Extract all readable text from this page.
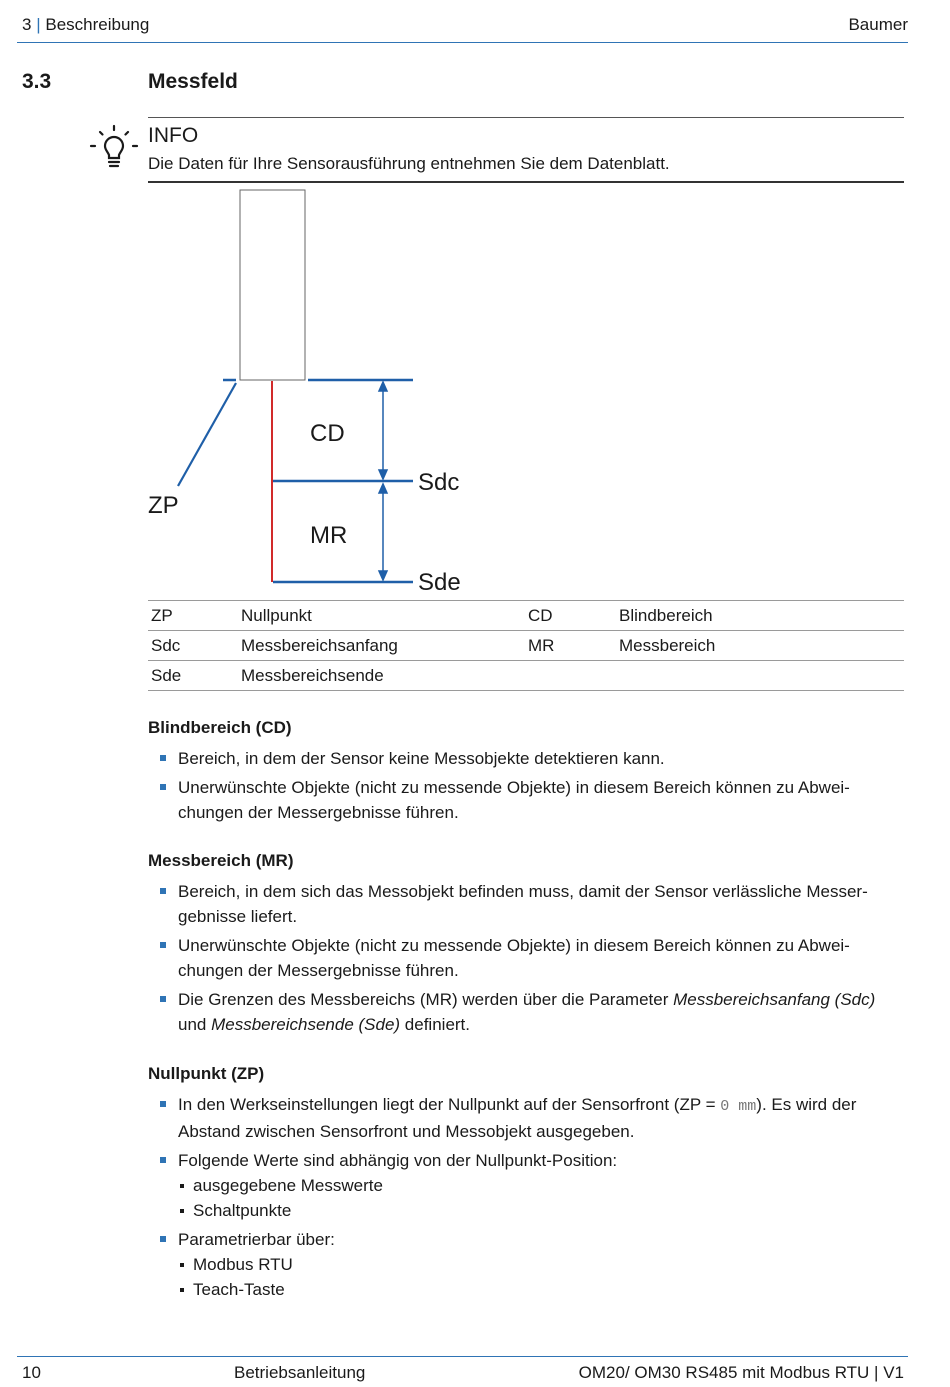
3 | Beschreibung	Baumer
3.3	Messfeld
INFO
Die Daten für Ihre Sensorausführung entnehmen Sie dem Datenblatt.
CD
Sdc
ZP
MR
Sde
ZP	Nullpunkt	CD	Blindbereich
Sdc	Messbereichsanfang	MR	Messbereich
Sde	Messbereichsende		
Blindbereich (CD)
Bereich, in dem der Sensor keine Messobjekte detektieren kann.
Unerwünschte Objekte (nicht zu messende Objekte) in diesem Bereich können zu Abwei-chungen der Messergebnisse führen.
Messbereich (MR)
Bereich, in dem sich das Messobjekt befinden muss, damit der Sensor verlässliche Messer-gebnisse liefert.
Unerwünschte Objekte (nicht zu messende Objekte) in diesem Bereich können zu Abwei-chungen der Messergebnisse führen.
Die Grenzen des Messbereichs (MR) werden über die Parameter Messbereichsanfang (Sdc) und Messbereichsende (Sde) definiert.
Nullpunkt (ZP)
In den Werkseinstellungen liegt der Nullpunkt auf der Sensorfront (ZP = 0 mm). Es wird der Abstand zwischen Sensorfront und Messobjekt ausgegeben.
Folgende Werte sind abhängig von der Nullpunkt-Position:
ausgegebene Messwerte
Schaltpunkte
Parametrierbar über:
Modbus RTU
Teach-Taste
10	Betriebsanleitung	OM20/ OM30 RS485 mit Modbus RTU | V1
